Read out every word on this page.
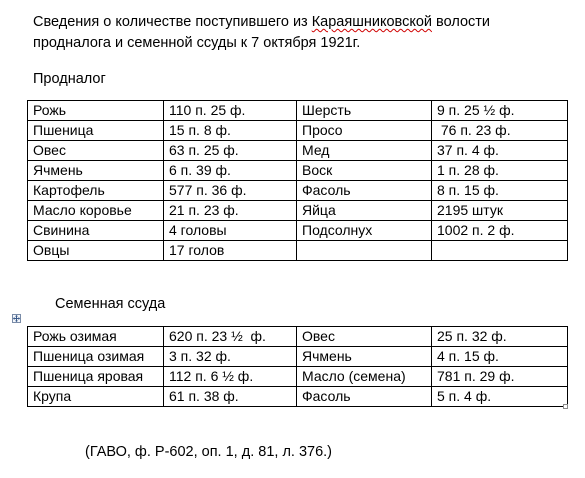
Сведения о количестве поступившего из Караяшниковской волости продналога и семенной ссуды к 7 октября 1921г.
Продналог
Рожь	110 п. 25 ф.	Шерсть	9 п. 25 ½ ф.
Пшеница	15 п. 8 ф.	Просо	76 п. 23 ф.
Овес	63 п. 25 ф.	Мед	37 п. 4 ф.
Ячмень	6 п. 39 ф.	Воск	1 п. 28 ф.
Картофель	577 п. 36 ф.	Фасоль	8 п. 15 ф.
Масло коровье	21 п. 23 ф.	Яйца	2195 штук
Свинина	4 головы	Подсолнух	1002 п. 2 ф.
Овцы	17 голов		
Семенная ссуда
Рожь озимая	620 п. 23 ½  ф.	Овес	25 п. 32 ф.
Пшеница озимая	3 п. 32 ф.	Ячмень	4 п. 15 ф.
Пшеница яровая	112 п. 6 ½ ф.	Масло (семена)	781 п. 29 ф.
Крупа	61 п. 38 ф.	Фасоль	5 п. 4 ф.
(ГАВО, ф. Р-602, оп. 1, д. 81, л. 376.)
